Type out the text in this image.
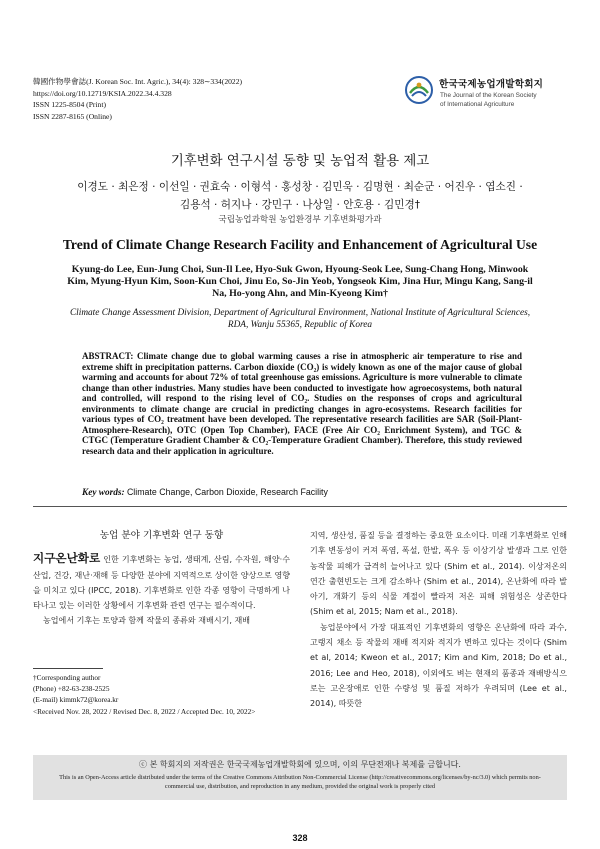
韓國作物學會誌(J. Korean Soc. Int. Agric.), 34(4): 328∼334(2022)
https://doi.org/10.12719/KSIA.2022.34.4.328
ISSN 1225-8504 (Print)
ISSN 2287-8165 (Online)
한국국제농업개발학회지
The Journal of the Korean Society
of International Agriculture
기후변화 연구시설 동향 및 농업적 활용 제고
이경도 · 최은정 · 이선일 · 권효숙 · 이형석 · 홍성창 · 김민욱 · 김명현 · 최순군 · 어진우 · 엽소진 ·
김용석 · 허지나 · 강민구 · 나상일 · 안호용 · 김민경†
국립농업과학원 농업환경부 기후변화평가과
Trend of Climate Change Research Facility and Enhancement of Agricultural Use
Kyung-do Lee, Eun-Jung Choi, Sun-Il Lee, Hyo-Suk Gwon, Hyoung-Seok Lee, Sung-Chang Hong, Minwook Kim, Myung-Hyun Kim, Soon-Kun Choi, Jinu Eo, So-Jin Yeob, Yongseok Kim, Jina Hur, Mingu Kang, Sang-il Na, Ho-yong Ahn, and Min-Kyeong Kim†
Climate Change Assessment Division, Department of Agricultural Environment, National Institute of Agricultural Sciences, RDA, Wanju 55365, Republic of Korea

ABSTRACT: Climate change due to global warming causes a rise in atmospheric air temperature to rise and extreme shift in precipitation patterns. Carbon dioxide (CO₂) is widely known as one of the major cause of global warming and accounts for about 72% of total greenhouse gas emissions. Agriculture is more vulnerable to climate change than other industries. Many studies have been conducted to investigate how agroecosystems, both natural and controlled, will respond to the rising level of CO₂. Studies on the responses of crops and agricultural environments to climate change are crucial in predicting changes in agro-ecosystems. Research facilities for various types of CO₂ treatment have been developed. The representative research facilities are SAR (Soil-Plant-Atmosphere-Research), OTC (Open Top Chamber), FACE (Free Air CO₂ Enrichment System), and TGC & CTGC (Temperature Gradient Chamber & CO₂-Temperature Gradient Chamber). Therefore, this study reviewed research data and their application in agriculture.

Key words: Climate Change, Carbon Dioxide, Research Facility
농업 분야 기후변화 연구 동향

지구온난화로 인한 기후변화는 농업, 생태계, 산림, 수자원, 해양·수산업, 건강, 재난·재해 등 다양한 분야에 지역적으로 상이한 양상으로 영향을 미치고 있다 (IPCC, 2018). 기후변화로 인한 각종 영향이 극명하게 나타나고 있는 이러한 상황에서 기후변화 관련 연구는 필수적이다.

농업에서 기후는 토양과 함께 작물의 종류와 재배시기, 재배

†Corresponding author
(Phone) +82-63-238-2525
(E-mail) kimmk72@korea.kr
<Received Nov. 28, 2022 / Revised Dec. 8, 2022 / Accepted Dec. 10, 2022>

지역, 생산성, 품질 등을 결정하는 중요한 요소이다. 미래 기후변화로 인해 기후 변동성이 커져 폭염, 폭설, 한발, 폭우 등 이상기상 발생과 그로 인한 농작물 피해가 급격히 늘어나고 있다 (Shim et al., 2014). 이상저온의 연간 출현빈도는 크게 감소하나 (Shim et al., 2014), 온난화에 따라 발아기, 개화기 등의 식물 계절이 빨라져 저온 피해 위험성은 상존한다 (Shim et al, 2015; Nam et al., 2018).

농업분야에서 가장 대표적인 기후변화의 영향은 온난화에 따라 과수, 고랭지 채소 등 작물의 재배 적지와 적지가 변하고 있다는 것이다 (Shim et al, 2014; Kweon et al., 2017; Kim and Kim, 2018; Do et al., 2016; Lee and Heo, 2018), 이외에도 벼는 현재의 품종과 재배방식으로는 고온장애로 인한 수량성 및 품질 저하가 우려되며 (Lee et al., 2014), 따뜻한

ⓒ 본 학회지의 저작권은 한국국제농업개발학회에 있으며, 이의 무단전재나 복제를 금합니다.
This is an Open-Access article distributed under the terms of the Creative Commons Attribution Non-Commercial License (http://creativecommons.org/licenses/by-nc/3.0) which permits non-commercial use, distribution, and reproduction in any medium, provided the original work is properly cited
328
